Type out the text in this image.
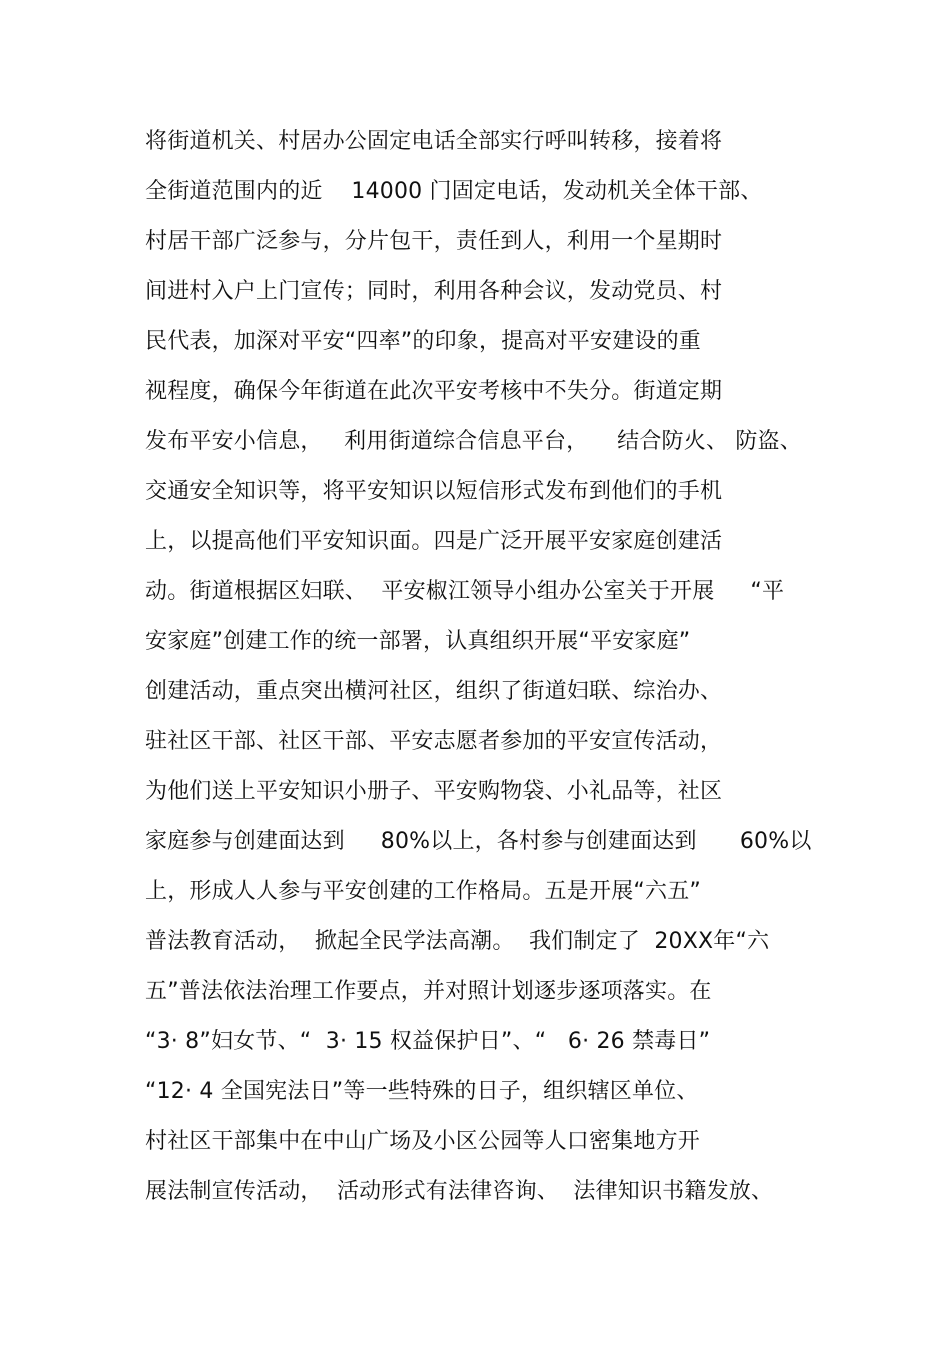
将街道机关、村居办公固定电话全部实行呼叫转移，接着将
全街道范围内的近    14000 门固定电话，发动机关全体干部、
村居干部广泛参与，分片包干，责任到人，利用一个星期时
间进村入户上门宣传；同时，利用各种会议，发动党员、村
民代表，加深对平安“四率”的印象，提高对平安建设的重
视程度，确保今年街道在此次平安考核中不失分。街道定期
发布平安小信息，   利用街道综合信息平台，    结合防火、 防盗、
交通安全知识等，将平安知识以短信形式发布到他们的手机
上，以提高他们平安知识面。四是广泛开展平安家庭创建活
动。街道根据区妇联、  平安椒江领导小组办公室关于开展     “平
安家庭”创建工作的统一部署，认真组织开展“平安家庭”
创建活动，重点突出横河社区，组织了街道妇联、综治办、
驻社区干部、社区干部、平安志愿者参加的平安宣传活动，
为他们送上平安知识小册子、平安购物袋、小礼品等，社区
家庭参与创建面达到     80%以上，各村参与创建面达到      60%以
上，形成人人参与平安创建的工作格局。五是开展“六五”
普法教育活动，  掀起全民学法高潮。  我们制定了  20XX年“六
五”普法依法治理工作要点，并对照计划逐步逐项落实。在
“3· 8”妇女节、“  3· 15 权益保护日”、“   6· 26 禁毒日”
“12· 4 全国宪法日”等一些特殊的日子，组织辖区单位、
村社区干部集中在中山广场及小区公园等人口密集地方开
展法制宣传活动，  活动形式有法律咨询、  法律知识书籍发放、
